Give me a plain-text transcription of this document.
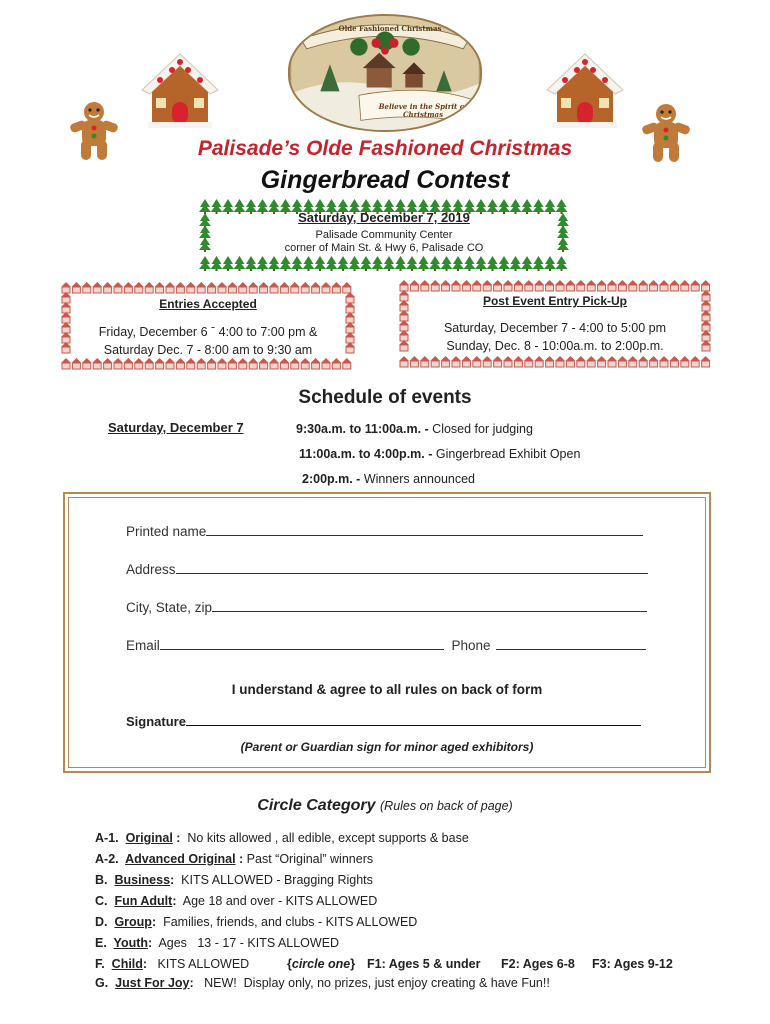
Olde Fashioned Christmas
Believe in the Spirit of Christmas
Palisade’s Olde Fashioned Christmas
Gingerbread Contest
Saturday, December 7, 2019
Palisade Community Center
corner of Main St. & Hwy 6, Palisade CO
Entries Accepted
Friday, December 6 ˉ 4:00 to 7:00 pm &
Saturday Dec. 7 - 8:00 am to 9:30 am
Post Event Entry Pick-Up
Saturday, December 7 - 4:00 to 5:00 pm
Sunday, Dec. 8 - 10:00a.m. to 2:00p.m.
Schedule of events
Saturday, December 7	9:30a.m. to 11:00a.m. - Closed for judging
11:00a.m. to 4:00p.m. - Gingerbread Exhibit Open
2:00p.m. - Winners announced
Printed name
Address
City, State, zip
Email	Phone
I understand & agree to all rules on back of form
Signature
(Parent or Guardian sign for minor aged exhibitors)
Circle Category (Rules on back of page)
A-1.  Original :  No kits allowed , all edible, except supports & base
A-2.  Advanced Original : Past “Original” winners
B.  Business:  KITS ALLOWED - Bragging Rights
C.  Fun Adult:  Age 18 and over - KITS ALLOWED
D.  Group:  Families, friends, and clubs - KITS ALLOWED
E.  Youth:  Ages   13 - 17 - KITS ALLOWED
F.  Child:   KITS ALLOWED	{circle one} F1: Ages 5 & under F2: Ages 6-8 F3: Ages 9-12
G.  Just For Joy:   NEW!  Display only, no prizes, just enjoy creating & have Fun!!
